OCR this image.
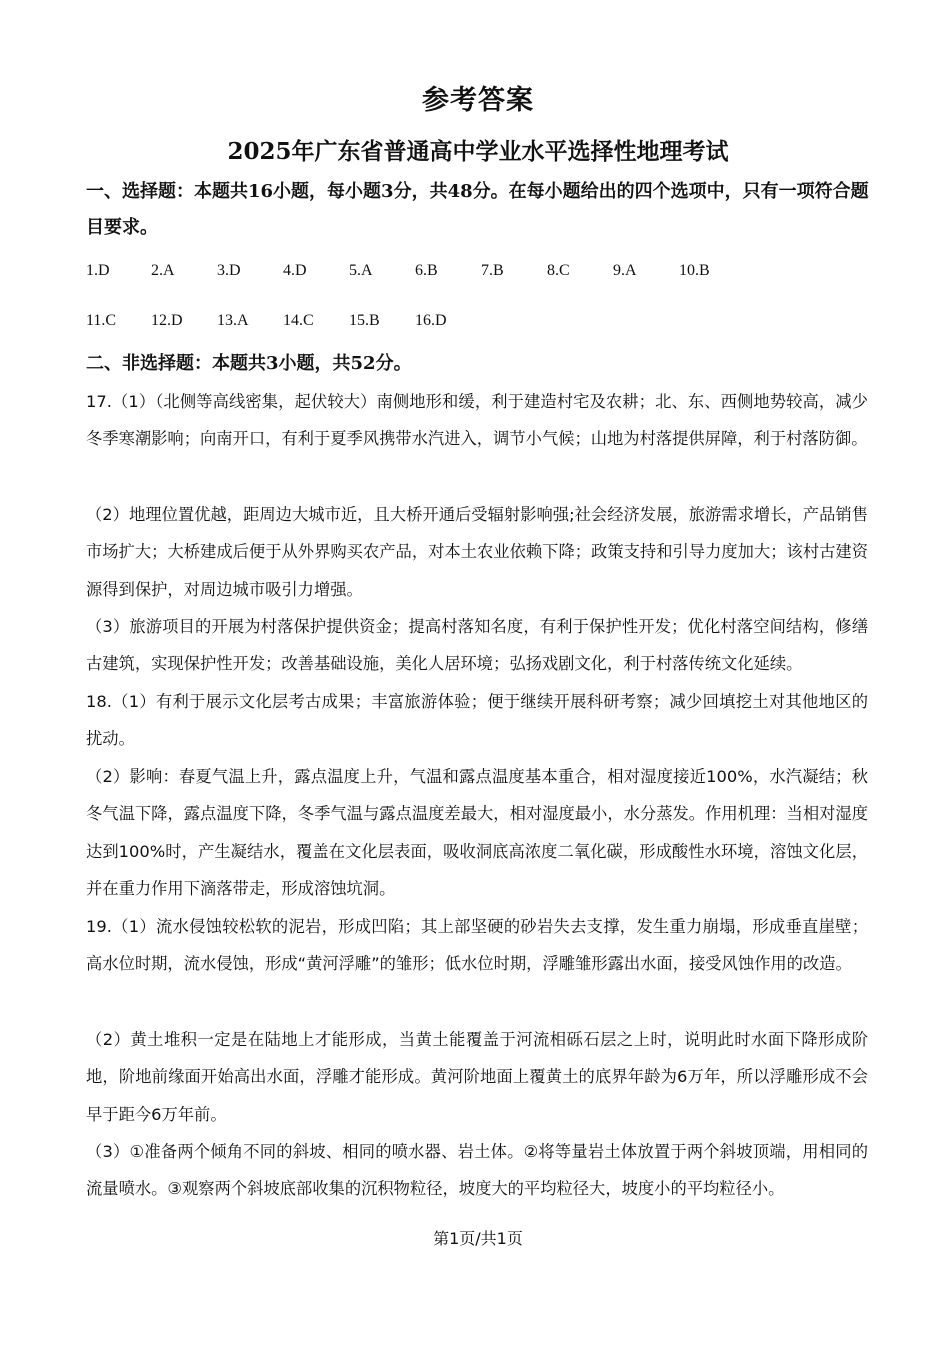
参考答案
2025年广东省普通高中学业水平选择性地理考试
一、选择题：本题共16小题，每小题3分，共48分。在每小题给出的四个选项中，只有一项符合题目要求。
1.D	2.A	3.D	4.D	5.A	6.B	7.B	8.C	9.A	10.B
11.C 12.D 13.A 14.C 15.B 16.D
二、非选择题：本题共3小题，共52分。

17.（1）（北侧等高线密集，起伏较大）南侧地形和缓，利于建造村宅及农耕；北、东、西侧地势较高，减少冬季寒潮影响；向南开口，有利于夏季风携带水汽进入，调节小气候；山地为村落提供屏障，利于村落防御。

（2）地理位置优越，距周边大城市近，且大桥开通后受辐射影响强;社会经济发展，旅游需求增长，产品销售市场扩大；大桥建成后便于从外界购买农产品，对本土农业依赖下降；政策支持和引导力度加大；该村古建资源得到保护，对周边城市吸引力增强。

（3）旅游项目的开展为村落保护提供资金；提高村落知名度，有利于保护性开发；优化村落空间结构，修缮古建筑，实现保护性开发；改善基础设施，美化人居环境；弘扬戏剧文化，利于村落传统文化延续。

18.（1）有利于展示文化层考古成果；丰富旅游体验；便于继续开展科研考察；减少回填挖土对其他地区的扰动。

（2）影响：春夏气温上升，露点温度上升，气温和露点温度基本重合，相对湿度接近100%，水汽凝结；秋冬气温下降，露点温度下降，冬季气温与露点温度差最大，相对湿度最小，水分蒸发。作用机理：当相对湿度达到100%时，产生凝结水，覆盖在文化层表面，吸收洞底高浓度二氧化碳，形成酸性水环境，溶蚀文化层，并在重力作用下滴落带走，形成溶蚀坑洞。

19.（1）流水侵蚀较松软的泥岩，形成凹陷；其上部坚硬的砂岩失去支撑，发生重力崩塌，形成垂直崖壁；高水位时期，流水侵蚀，形成“黄河浮雕”的雏形；低水位时期，浮雕雏形露出水面，接受风蚀作用的改造。

（2）黄土堆积一定是在陆地上才能形成，当黄土能覆盖于河流相砾石层之上时，说明此时水面下降形成阶地，阶地前缘面开始高出水面，浮雕才能形成。黄河阶地面上覆黄土的底界年龄为6万年，所以浮雕形成不会早于距今6万年前。

（3）①准备两个倾角不同的斜坡、相同的喷水器、岩土体。②将等量岩土体放置于两个斜坡顶端，用相同的流量喷水。③观察两个斜坡底部收集的沉积物粒径，坡度大的平均粒径大，坡度小的平均粒径小。

第1页/共1页
